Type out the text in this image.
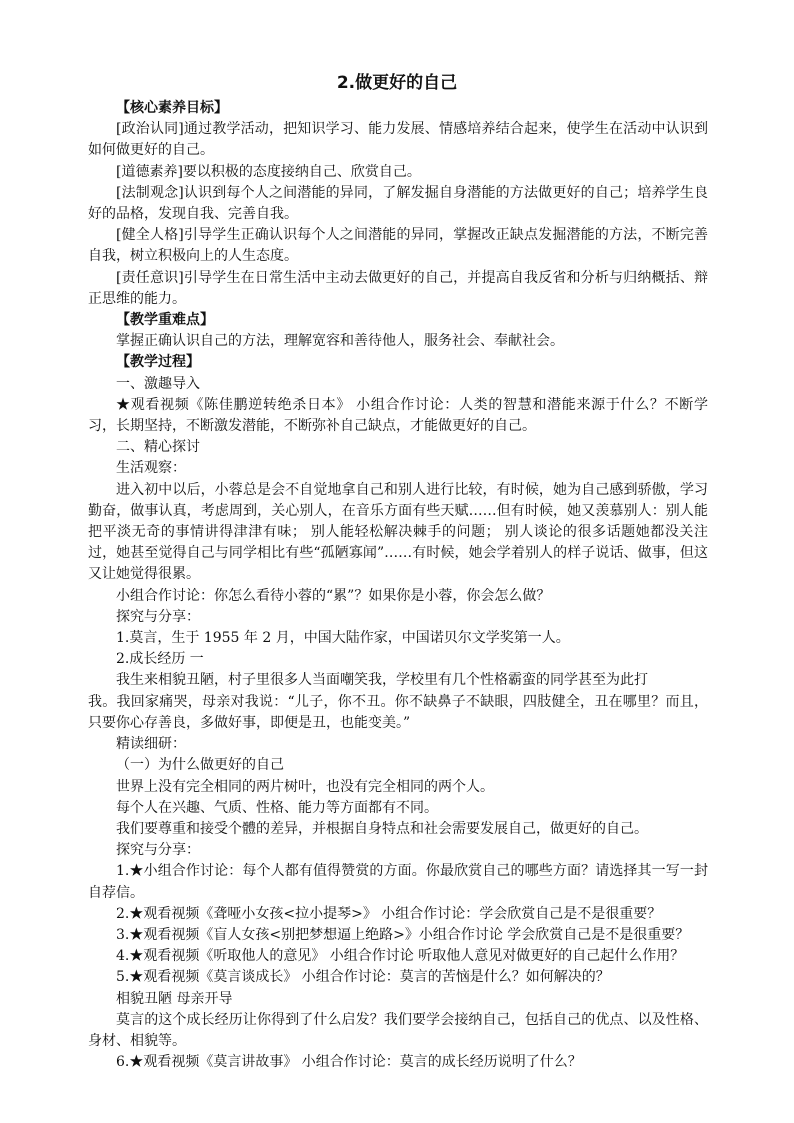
2.做更好的自己

【核心素养目标】

[政治认同]通过教学活动，把知识学习、能力发展、情感培养结合起来，使学生在活动中认识到如何做更好的自己。

[道德素养]要以积极的态度接纳自己、欣赏自己。

[法制观念]认识到每个人之间潜能的异同，了解发掘自身潜能的方法做更好的自己；培养学生良好的品格，发现自我、完善自我。

[健全人格]引导学生正确认识每个人之间潜能的异同，掌握改正缺点发掘潜能的方法，不断完善自我，树立积极向上的人生态度。

[责任意识]引导学生在日常生活中主动去做更好的自己，并提高自我反省和分析与归纳概括、辩正思维的能力。

【教学重难点】

掌握正确认识自己的方法，理解宽容和善待他人，服务社会、奉献社会。

【教学过程】

一、激趣导入

★观看视频《陈佳鹏逆转绝杀日本》 小组合作讨论：人类的智慧和潜能来源于什么？不断学习，长期坚持，不断激发潜能，不断弥补自己缺点，才能做更好的自己。

二、精心探讨

生活观察：

进入初中以后，小蓉总是会不自觉地拿自己和别人进行比较，有时候，她为自己感到骄傲，学习勤奋，做事认真，考虑周到，关心别人，在音乐方面有些天赋……但有时候，她又羡慕别人：别人能把平淡无奇的事情讲得津津有味； 别人能轻松解决棘手的问题； 别人谈论的很多话题她都没关注过，她甚至觉得自己与同学相比有些“孤陋寡闻”……有时候，她会学着别人的样子说话、做事，但这又让她觉得很累。

小组合作讨论：你怎么看待小蓉的“累”？如果你是小蓉，你会怎么做？

探究与分享：

1.莫言，生于 1955 年 2 月，中国大陆作家，中国诺贝尔文学奖第一人。

2.成长经历 一

我生来相貌丑陋，村子里很多人当面嘲笑我，学校里有几个性格霸蛮的同学甚至为此打

我。我回家痛哭，母亲对我说：“儿子，你不丑。你不缺鼻子不缺眼，四肢健全，丑在哪里？而且，只要你心存善良，多做好事，即便是丑，也能变美。”

精读细研：

（一）为什么做更好的自己

世界上没有完全相同的两片树叶，也没有完全相同的两个人。

每个人在兴趣、气质、性格、能力等方面都有不同。

我们要尊重和接受个體的差异，并根据自身特点和社会需要发展自己，做更好的自己。

探究与分享：

1.★小组合作讨论：每个人都有值得赞赏的方面。你最欣赏自己的哪些方面？请选择其一写一封自荐信。

2.★观看视频《聋哑小女孩<拉小提琴>》 小组合作讨论：学会欣赏自己是不是很重要？

3.★观看视频《盲人女孩<别把梦想逼上绝路>》小组合作讨论 学会欣赏自己是不是很重要？

4.★观看视频《听取他人的意见》 小组合作讨论 听取他人意见对做更好的自己起什么作用？

5.★观看视频《莫言谈成长》 小组合作讨论：莫言的苦恼是什么？如何解决的？

相貌丑陋 母亲开导

莫言的这个成长经历让你得到了什么启发？我们要学会接纳自己，包括自己的优点、以及性格、身材、相貌等。

6.★观看视频《莫言讲故事》 小组合作讨论：莫言的成长经历说明了什么？
